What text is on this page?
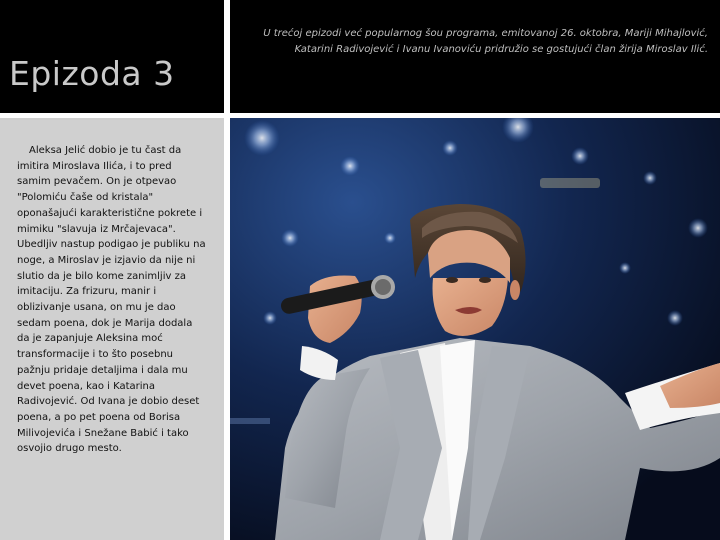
Epizoda 3
U trećoj epizodi već popularnog šou programa, emitovanoj 26. oktobra, Mariji Mihajlović, Katarini Radivojević i Ivanu Ivanoviću pridružio se gostujući član žirija Miroslav Ilić.
Aleksa Jelić dobio je tu čast da imitira Miroslava Ilića, i to pred samim pevačem. On je otpevao "Polomiću čaše od kristala" oponašajući karakteristične pokrete i mimiku "slavuja iz Mrčajevaca". Ubedljiv nastup podigao je publiku na noge, a Miroslav je izjavio da nije ni slutio da je bilo kome zanimljiv za imitaciju. Za frizuru, manir i oblizivanje usana, on mu je dao sedam poena, dok je Marija dodala da je zapanjuje Aleksina moć transformacije i to što posebnu pažnju pridaje detaljima i dala mu devet poena, kao i Katarina Radivojević. Od Ivana je dobio deset poena, a po pet poena od Borisa Milivojevića i Snežane Babić i tako osvojio drugo mesto.
